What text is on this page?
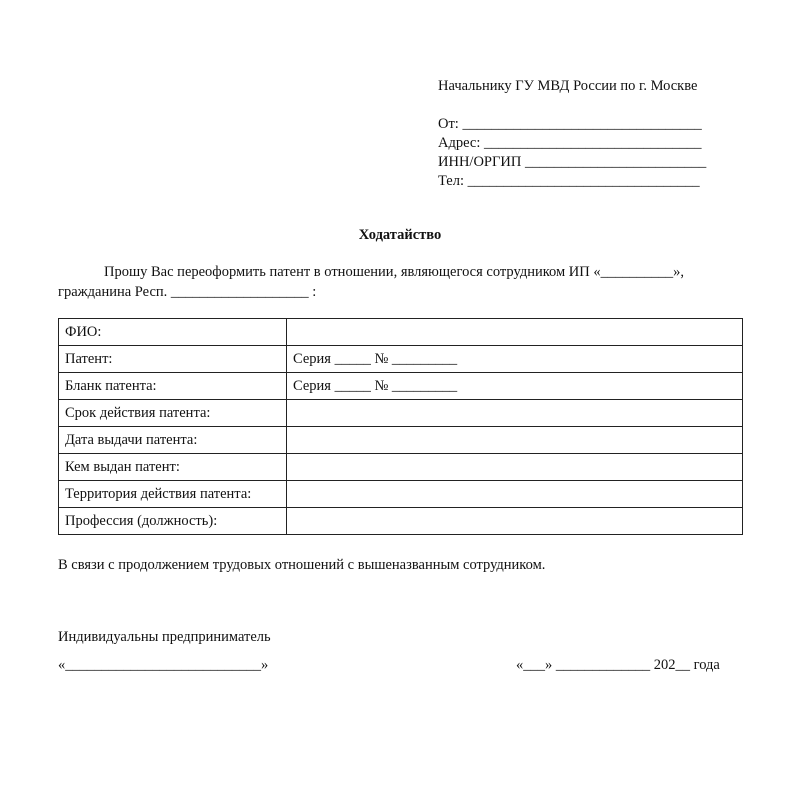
Начальнику ГУ МВД России по г. Москве
От: _________________________________
Адрес: ______________________________
ИНН/ОРГИП _________________________
Тел: ________________________________
Ходатайство
Прошу Вас переоформить патент в отношении, являющегося сотрудником ИП «__________»,
гражданина Респ. ___________________ :
ФИО:	
Патент:	Серия _____ № _________
Бланк патента:	Серия _____ № _________
Срок действия патента:	
Дата выдачи патента:	
Кем выдан патент:	
Территория действия патента:	
Профессия (должность):	
В связи с продолжением трудовых отношений с вышеназванным сотрудником.
Индивидуальны предприниматель
«___________________________»	«___» _____________ 202__ года
